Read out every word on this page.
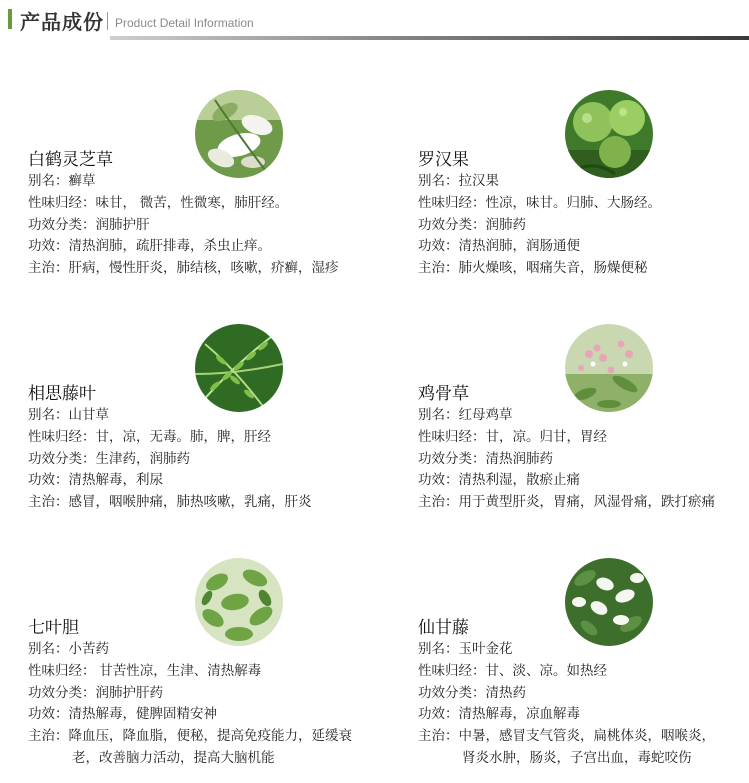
产品成份 Product Detail Information
白鹤灵芝草
别名：癣草
性味归经：味甘， 微苦，性微寒，肺肝经。
功效分类：润肺护肝
功效：清热润肺，疏肝排毒，杀虫止痒。
主治：肝病，慢性肝炎，肺结核，咳嗽，疥癣，湿疹
罗汉果
别名：拉汉果
性味归经：性凉，味甘。归肺、大肠经。
功效分类：润肺药
功效：清热润肺，润肠通便
主治：肺火燥咳，咽痛失音，肠燥便秘
相思藤叶
别名：山甘草
性味归经：甘，凉，无毒。肺，脾，肝经
功效分类：生津药，润肺药
功效：清热解毒，利尿
主治：感冒，咽喉肿痛，肺热咳嗽，乳痛，肝炎
鸡骨草
别名：红母鸡草
性味归经：甘，凉。归甘，胃经
功效分类：清热润肺药
功效：清热利湿，散瘀止痛
主治：用于黄型肝炎，胃痛，风湿骨痛，跌打瘀痛
七叶胆
别名：小苦药
性味归经： 甘苦性凉，生津、清热解毒
功效分类：润肺护肝药
功效：清热解毒，健脾固精安神
主治：降血压，降血脂，便秘，提高免疫能力，延缓衰
老，改善脑力活动，提高大脑机能
仙甘藤
别名：玉叶金花
性味归经：甘、淡、凉。如热经
功效分类：清热药
功效：清热解毒，凉血解毒
主治：中暑，感冒支气管炎，扁桃体炎，咽喉炎，
肾炎水肿，肠炎，子宫出血，毒蛇咬伤
